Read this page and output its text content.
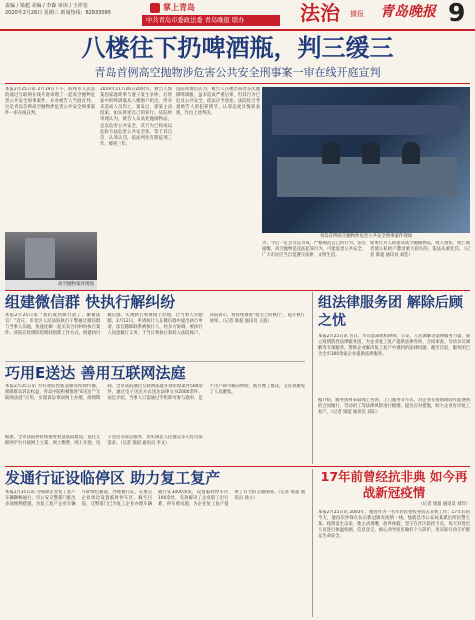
责编 / 梁超 美编 / 李森 审读 / 王祥宽
2020年2月26日 星期三 新闻热线：82933095
掌上青岛
中共青岛市委政法委 青岛晚报 联办	法治 播报 青岛晚报 9
八楼往下扔啤酒瓶，判三缓三
青岛首例高空抛物涉危害公共安全刑事案一审在线开庭宣判
本报2月25日讯 2月19日下午，胶州市人民法院通过互联网在线开庭审理了一起高空抛物危害公共安全刑事案件，并对被告人当庭宣判。这是青岛首例高空抛物涉危害公共安全刑事案件一审在线宣判。
2019年11月26日20时许，被告人郭某因家庭琐事与妻子发生争吵，后将家中的啤酒瓶从八楼窗户扔出，所幸未造成人员伤亡。案发后，郭某主动投案，如实供述自己的罪行。法院经审理认为，被告人从高处抛掷物品，足以危害公共安全，其行为已构成以危险方法危害公共安全罪。鉴于其自首、认罪认罚，依法判处有期徒刑三年，缓刑三年。
法院审理后认为，被告人在楼层高处多次抛掷啤酒瓶，虽未造成严重后果，但其行为已危及公共安全，依法应予惩处。法院综合考量被告人的犯罪情节、认罪态度及悔罪表现，作出上述判决。
高空抛物案件现场
青岛首例高空抛物涉危害公共安全刑事案件现场
为，今后一定会引以为戒，严格规范自己的行为。法官提醒，高空抛物是违法犯罪行为，可能危害公共安全，广大市民应当自觉遵守法律，文明生活。
如果行为人故意从高空抛掷物品，致人重伤、死亡或者使公私财产遭受重大损失的，依法从重处罚。（记者 梁超 通讯员 刘佳）
组建微信群 快执行解纠纷
本报2月25日讯 “我们收到执行款了，谢谢法官！”近日，市北区人民法院执行干警通过微信群与当事人沟通，快速化解一起买卖合同纠纷执行案件。该院在疫情防控期间创新工作方式，组建执行微信群，实现执行事项线上办理，让当事人少跑腿。2月12日，申请执行人在微信群中提出执行申请，法官随即联系被执行人，经多方协调，被执行人同意履行义务，于当日将执行款转入法院账户。该院表示，将持续推进“指尖上的执行”，提升执行效率。（记者 梁超 通讯员 王波）
组法律服务团 解除后顾之忧
本报2月25日讯 近日，市司法局组织律师、公证、人民调解等法律服务力量，成立疫情防控法律服务团，为企业复工复产提供法律咨询、合同审查、劳动争议调解等专项服务，帮助企业解决复工复产中遇到的法律问题，截至目前，服务团已为全市300余家企业提供法律服务。
据介绍，服务团将采取线上咨询、上门服务等方式，对企业在疫情期间可能遇到的合同履行、劳动用工等法律风险进行梳理，提出应对措施，助力企业有序复工复产。（记者 梁超 通讯员 刘东）
巧用E送达 善用互联网法庭
本报2月25日讯 为有效防控新冠肺炎疫情传播，保障群众诉讼权益，青岛中院积极推进“E送达”“互联网法庭”应用，实现诉讼事项网上办理。疫情期间，全市法院通过互联网法庭开庭审理案件500余件，通过电子送达方式送达法律文书2000余件。法官介绍，当事人只需通过手机即可参与庭审，足不出户即可解决纠纷，既方便了群众，又有效避免了人员聚集。
据悉，全市法院将持续推进智慧法院建设，依托互联网平台开展网上立案、网上缴费、网上开庭、电子送达等诉讼服务，切实满足人民群众多元化司法需求。（记者 梁超 通讯员 李文）
发通行证设临停区 助力复工复产
本报2月25日讯 为保障企业复工复产车辆顺畅通行，市公安交警部门推出多项便利措施，为复工复产企业车辆开辟绿色通道，办理通行证，在重点企业周边设置临时停车区。截至目前，交警部门已为复工企业办理车辆通行证3000余张，设置临时停车区100余处，有效解决了企业职工出行难、停车难问题，为企业复工复产提供了有力的交通保障。（记者 梁超 通讯员 孙立）
17年前曾经抗非典 如今再战新冠疫情
（记者 梁超 通讯员 刘洋）
本报2月25日讯 2003年，他曾作为一名年轻民警投身抗击非典工作；17年后的今天，他再次冲锋在抗击新冠肺炎疫情一线。他就是市公安局某派出所民警王某。疫情发生以来，他主动请缨，放弃休假，坚守在社区防控卡点，每天对进出人员进行体温检测、信息登记，耐心劝导居民做好个人防护，用实际行动守护群众生命安全。
